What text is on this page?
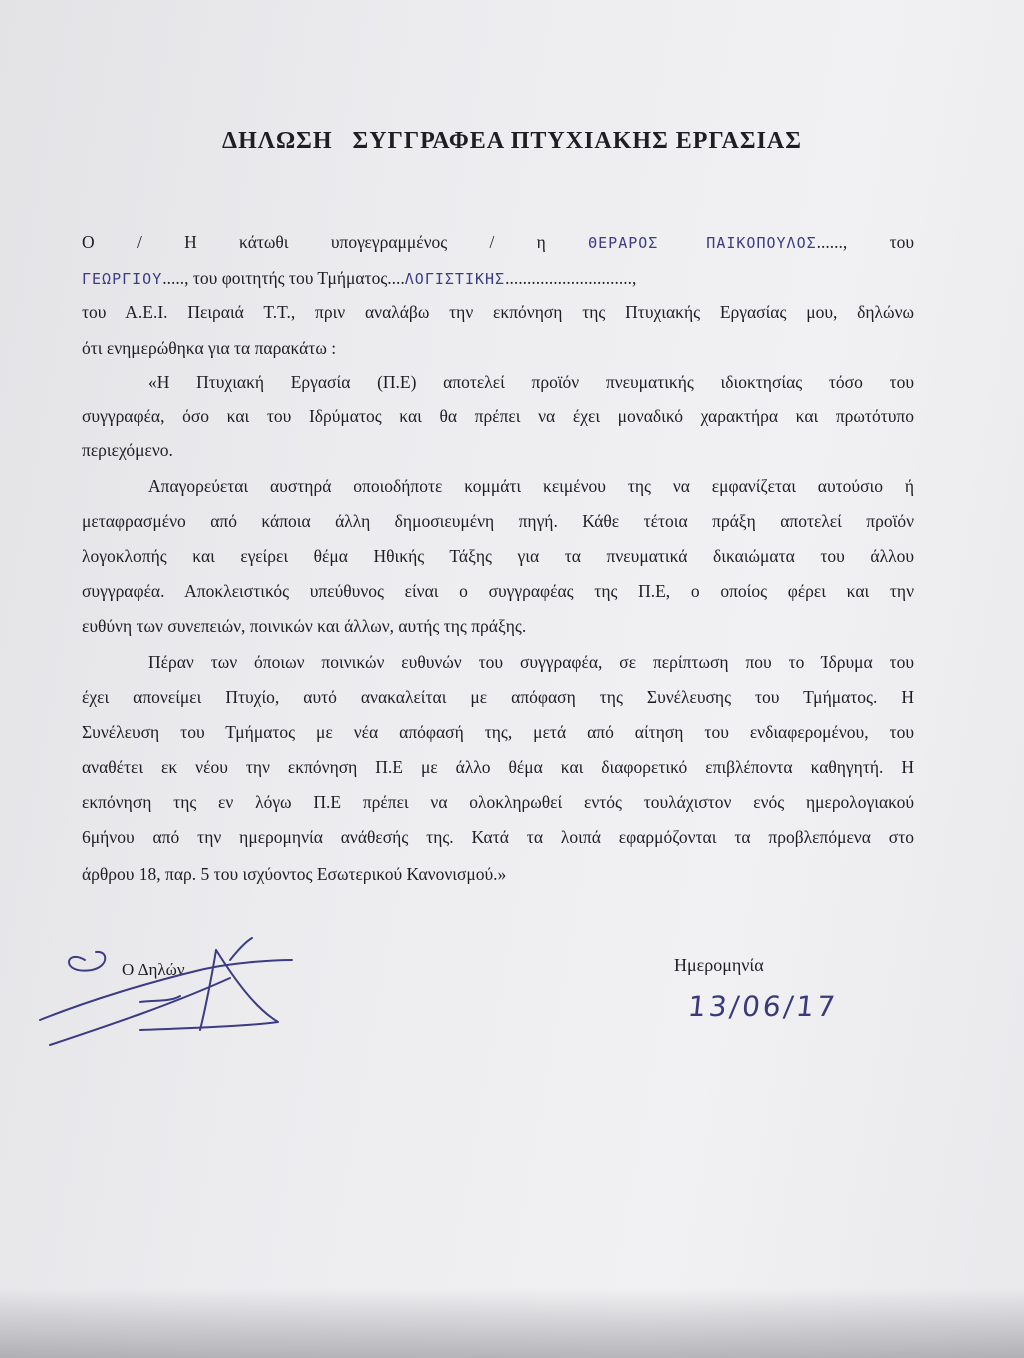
ΔΗΛΩΣΗ ΣΥΓΓΡΑΦΕΑ ΠΤΥΧΙΑΚΗΣ ΕΡΓΑΣΙΑΣ
Ο / Η κάτωθι υπογεγραμμένος / η	ΘΕΡΑΡΟΣ ΠΑΙΚΟΠΟΥΛΟΣ......, του
ΓΕΩΡΓΙΟΥ....., του φοιτητής του Τμήματος....ΛΟΓΙΣΤΙΚΗΣ.............................,
του Α.Ε.Ι. Πειραιά Τ.Τ., πριν αναλάβω την εκπόνηση της Πτυχιακής Εργασίας μου, δηλώνω
ότι ενημερώθηκα για τα παρακάτω :
«Η Πτυχιακή Εργασία (Π.Ε) αποτελεί προϊόν πνευματικής ιδιοκτησίας τόσο του
συγγραφέα, όσο και του Ιδρύματος και θα πρέπει να έχει μοναδικό χαρακτήρα και πρωτότυπο
περιεχόμενο.
Απαγορεύεται αυστηρά οποιοδήποτε κομμάτι κειμένου της να εμφανίζεται αυτούσιο ή
μεταφρασμένο από κάποια άλλη δημοσιευμένη πηγή. Κάθε τέτοια πράξη αποτελεί προϊόν
λογοκλοπής και εγείρει θέμα Ηθικής Τάξης για τα πνευματικά δικαιώματα του άλλου
συγγραφέα. Αποκλειστικός υπεύθυνος είναι ο συγγραφέας της Π.Ε, ο οποίος φέρει και την
ευθύνη των συνεπειών, ποινικών και άλλων, αυτής της πράξης.
Πέραν των όποιων ποινικών ευθυνών του συγγραφέα, σε περίπτωση που το Ίδρυμα του
έχει απονείμει Πτυχίο, αυτό ανακαλείται με απόφαση της Συνέλευσης του Τμήματος. Η
Συνέλευση του Τμήματος με νέα απόφασή της, μετά από αίτηση του ενδιαφερομένου, του
αναθέτει εκ νέου την εκπόνηση Π.Ε με άλλο θέμα και διαφορετικό επιβλέποντα καθηγητή. Η
εκπόνηση της εν λόγω Π.Ε πρέπει να ολοκληρωθεί εντός τουλάχιστον ενός ημερολογιακού
6μήνου από την ημερομηνία ανάθεσής της. Κατά τα λοιπά εφαρμόζονται τα προβλεπόμενα στο
άρθρου 18, παρ. 5 του ισχύοντος Εσωτερικού Κανονισμού.»
Ο Δηλών	Ημερομηνία
13/06/17
